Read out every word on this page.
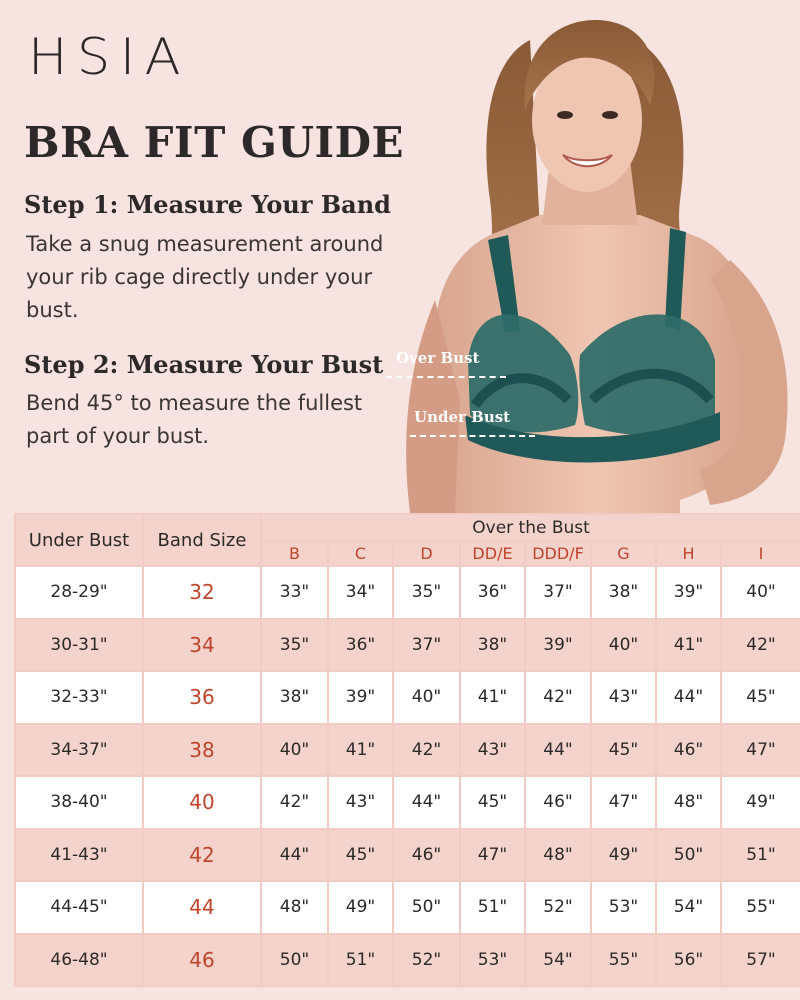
HSIA
BRA FIT GUIDE
Step 1: Measure Your Band

Take a snug measurement around your rib cage directly under your bust.

Step 2: Measure Your Bust

Bend 45° to measure the fullest part of your bust.

Over Bust
Under Bust
Under Bust	Band Size	Over the Bust							
		B	C	D	DD/E	DDD/F	G	H	I
28-29"	32	33"	34"	35"	36"	37"	38"	39"	40"
30-31"	34	35"	36"	37"	38"	39"	40"	41"	42"
32-33"	36	38"	39"	40"	41"	42"	43"	44"	45"
34-37"	38	40"	41"	42"	43"	44"	45"	46"	47"
38-40"	40	42"	43"	44"	45"	46"	47"	48"	49"
41-43"	42	44"	45"	46"	47"	48"	49"	50"	51"
44-45"	44	48"	49"	50"	51"	52"	53"	54"	55"
46-48"	46	50"	51"	52"	53"	54"	55"	56"	57"
